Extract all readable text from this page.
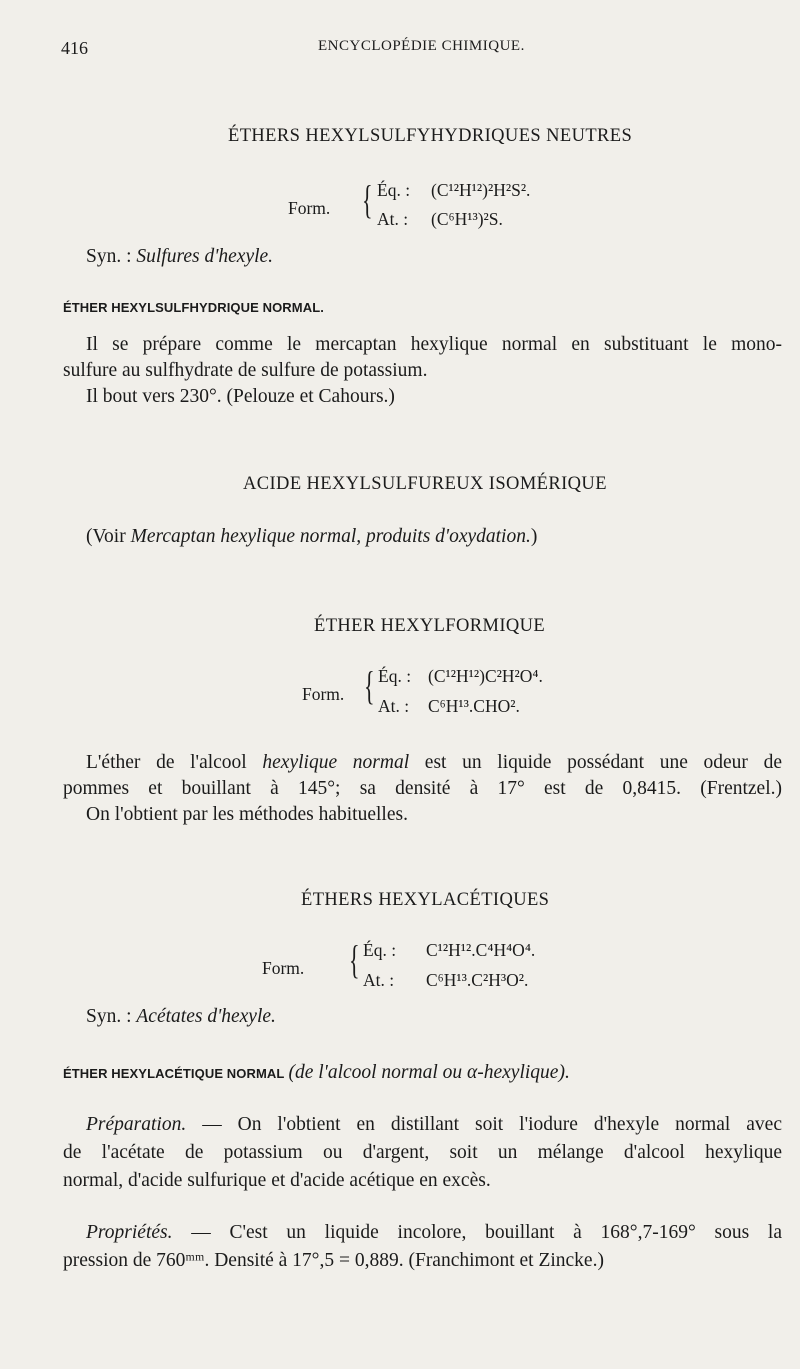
416	ENCYCLOPÉDIE CHIMIQUE.
ÉTHERS HEXYLSULFYHYDRIQUES NEUTRES
Form. { Éq. : (C¹²H¹²)²H²S².
At. : (C⁶H¹³)²S.
Syn. : Sulfures d'hexyle.
ÉTHER HEXYLSULFHYDRIQUE NORMAL.
Il se prépare comme le mercaptan hexylique normal en substituant le mono-
sulfure au sulfhydrate de sulfure de potassium.
Il bout vers 230°. (Pelouze et Cahours.)
ACIDE HEXYLSULFUREUX ISOMÉRIQUE
(Voir Mercaptan hexylique normal, produits d'oxydation.)
ÉTHER HEXYLFORMIQUE
Form. { Éq. : (C¹²H¹²)C²H²O⁴.
At. : C⁶H¹³.CHO².
L'éther de l'alcool hexylique normal est un liquide possédant une odeur de
pommes et bouillant à 145°; sa densité à 17° est de 0,8415. (Frentzel.)
On l'obtient par les méthodes habituelles.
ÉTHERS HEXYLACÉTIQUES
Form. { Éq. : C¹²H¹².C⁴H⁴O⁴.
At. : C⁶H¹³.C²H³O².
Syn. : Acétates d'hexyle.
ÉTHER HEXYLACÉTIQUE NORMAL (de l'alcool normal ou α-hexylique).
Préparation. — On l'obtient en distillant soit l'iodure d'hexyle normal avec
de l'acétate de potassium ou d'argent, soit un mélange d'alcool hexylique
normal, d'acide sulfurique et d'acide acétique en excès.
Propriétés. — C'est un liquide incolore, bouillant à 168°,7-169° sous la
pression de 760ᵐᵐ. Densité à 17°,5 = 0,889. (Franchimont et Zincke.)
